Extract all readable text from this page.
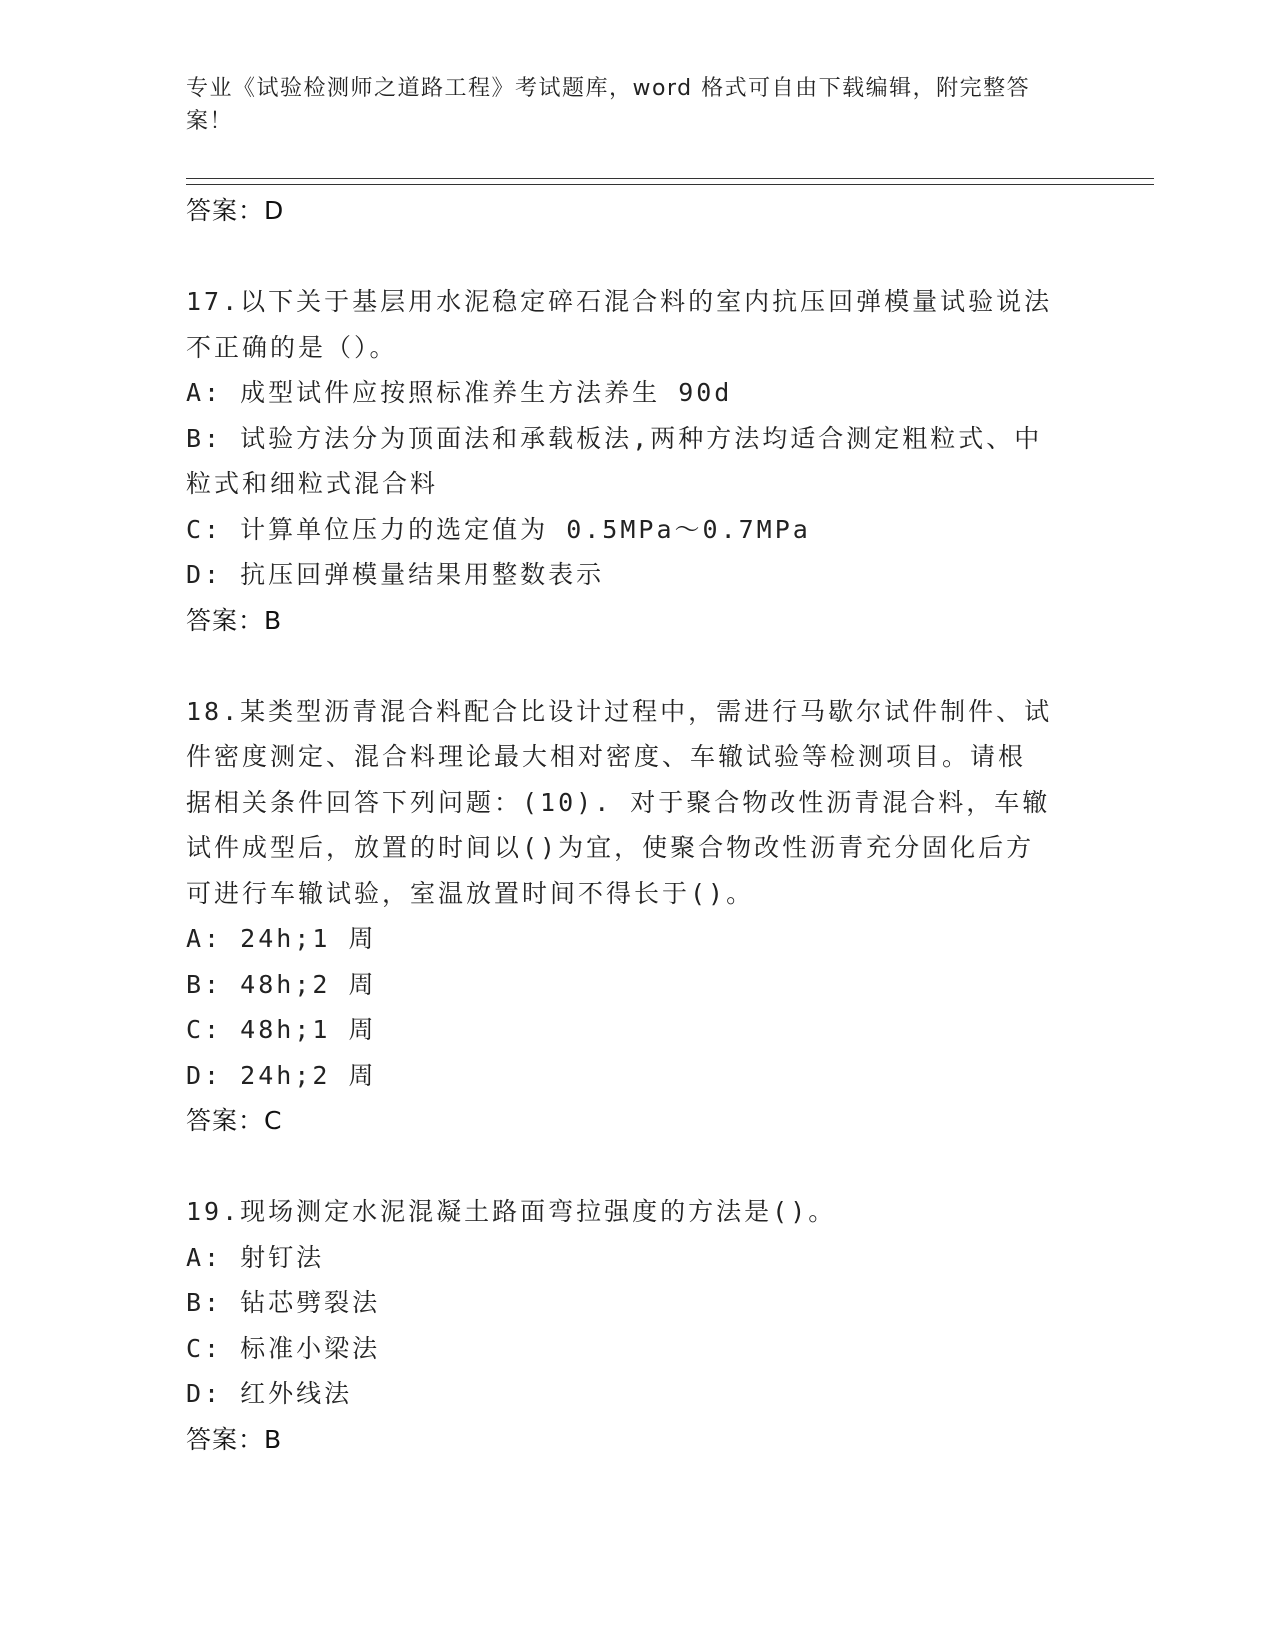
专业《试验检测师之道路工程》考试题库，word 格式可自由下载编辑，附完整答案！
答案：D
17.以下关于基层用水泥稳定碎石混合料的室内抗压回弹模量试验说法
不正确的是（）。
A: 成型试件应按照标准养生方法养生 90d
B: 试验方法分为顶面法和承载板法,两种方法均适合测定粗粒式、中
粒式和细粒式混合料
C: 计算单位压力的选定值为 0.5MPa～0.7MPa
D: 抗压回弹模量结果用整数表示
答案：B
18.某类型沥青混合料配合比设计过程中，需进行马歇尔试件制件、试
件密度测定、混合料理论最大相对密度、车辙试验等检测项目。请根
据相关条件回答下列问题：(10). 对于聚合物改性沥青混合料，车辙
试件成型后，放置的时间以()为宜，使聚合物改性沥青充分固化后方
可进行车辙试验，室温放置时间不得长于()。
A: 24h;1 周
B: 48h;2 周
C: 48h;1 周
D: 24h;2 周
答案：C
19.现场测定水泥混凝土路面弯拉强度的方法是()。
A: 射钉法
B: 钻芯劈裂法
C: 标准小梁法
D: 红外线法
答案：B
